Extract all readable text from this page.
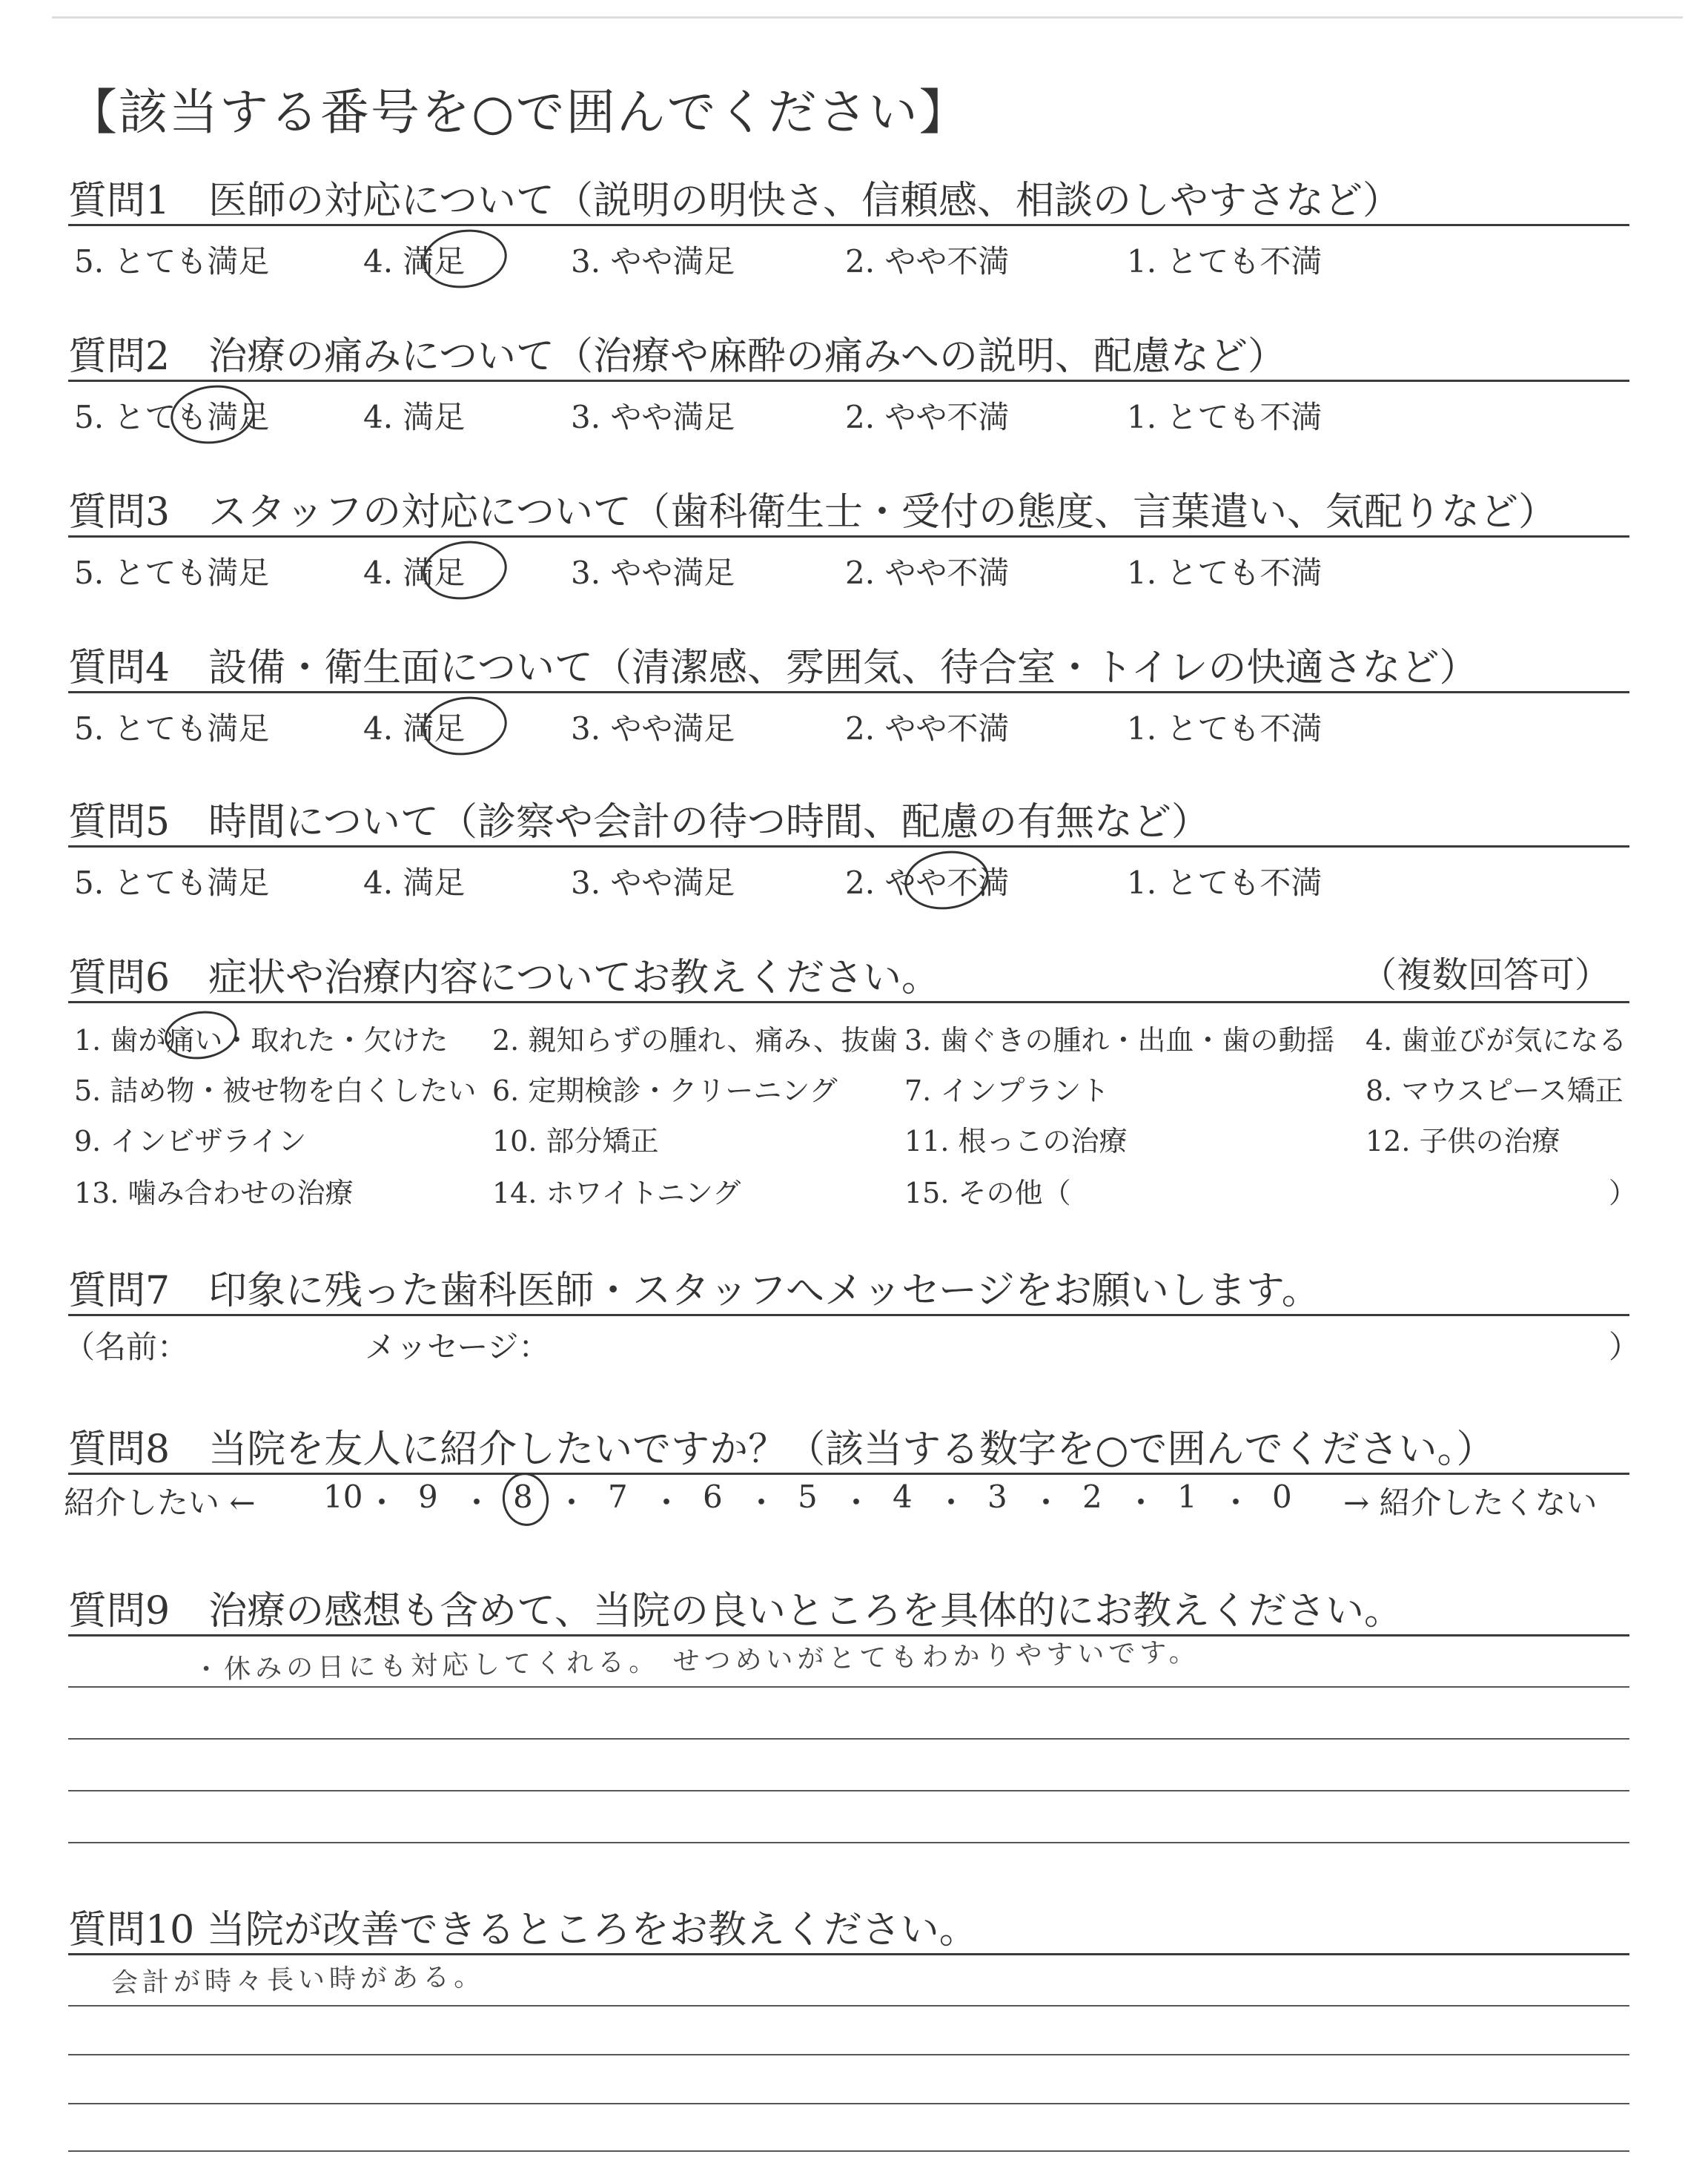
【該当する番号を○で囲んでください】
質問1　医師の対応について（説明の明快さ、信頼感、相談のしやすさなど）
5. とても満足	4. 満足	3. やや満足	2. やや不満	1. とても不満
質問2　治療の痛みについて（治療や麻酔の痛みへの説明、配慮など）
5. とても満足	4. 満足	3. やや満足	2. やや不満	1. とても不満
質問3　スタッフの対応について（歯科衛生士・受付の態度、言葉遣い、気配りなど）
5. とても満足	4. 満足	3. やや満足	2. やや不満	1. とても不満
質問4　設備・衛生面について（清潔感、雰囲気、待合室・トイレの快適さなど）
5. とても満足	4. 満足	3. やや満足	2. やや不満	1. とても不満
質問5　時間について（診察や会計の待つ時間、配慮の有無など）
5. とても満足	4. 満足	3. やや満足	2. やや不満	1. とても不満
質問6　症状や治療内容についてお教えください。	（複数回答可）
1. 歯が痛い・取れた・欠けた 2. 親知らずの腫れ、痛み、抜歯 3. 歯ぐきの腫れ・出血・歯の動揺 4. 歯並びが気になる
5. 詰め物・被せ物を白くしたい 6. 定期検診・クリーニング 7. インプラント	8. マウスピース矯正
9. インビザライン	10. 部分矯正	11. 根っこの治療	12. 子供の治療
13. 噛み合わせの治療	14. ホワイトニング	15. その他（	）
質問7　印象に残った歯科医師・スタッフへメッセージをお願いします。
（名前：	メッセージ：	）
質問8　当院を友人に紹介したいですか？（該当する数字を○で囲んでください。）
紹介したい ←	→ 紹介したくない
10 ・ 9 ・ 8 ・ 7 ・ 6 ・ 5 ・ 4 ・ 3 ・ 2 ・ 1 ・ 0
質問9　治療の感想も含めて、当院の良いところを具体的にお教えください。
・休みの日にも対応してくれる。 せつめいがとてもわかりやすいです。
質問10 当院が改善できるところをお教えください。
会計が時々長い時がある。
